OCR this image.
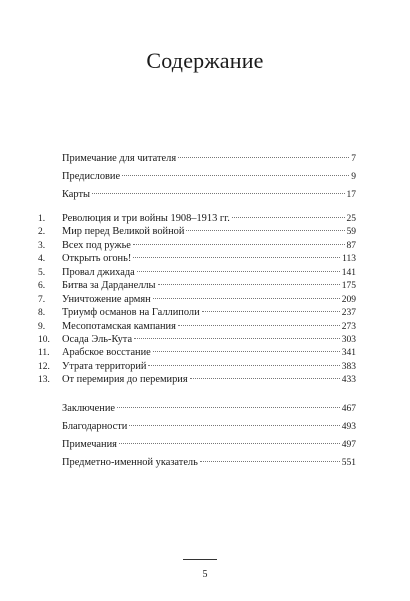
Содержание
Примечание для читателя	7
Предисловие	9
Карты	17
1.	Революция и три войны 1908–1913 гг.	25
2.	Мир перед Великой войной	59
3.	Всех под ружье	87
4.	Открыть огонь!	113
5.	Провал джихада	141
6.	Битва за Дарданеллы	175
7.	Уничтожение армян	209
8.	Триумф османов на Галлиполи	237
9.	Месопотамская кампания	273
10.	Осада Эль-Кута	303
11.	Арабское восстание	341
12.	Утрата территорий	383
13.	От перемирия до перемирия	433
Заключение	467
Благодарности	493
Примечания	497
Предметно-именной указатель	551
5
